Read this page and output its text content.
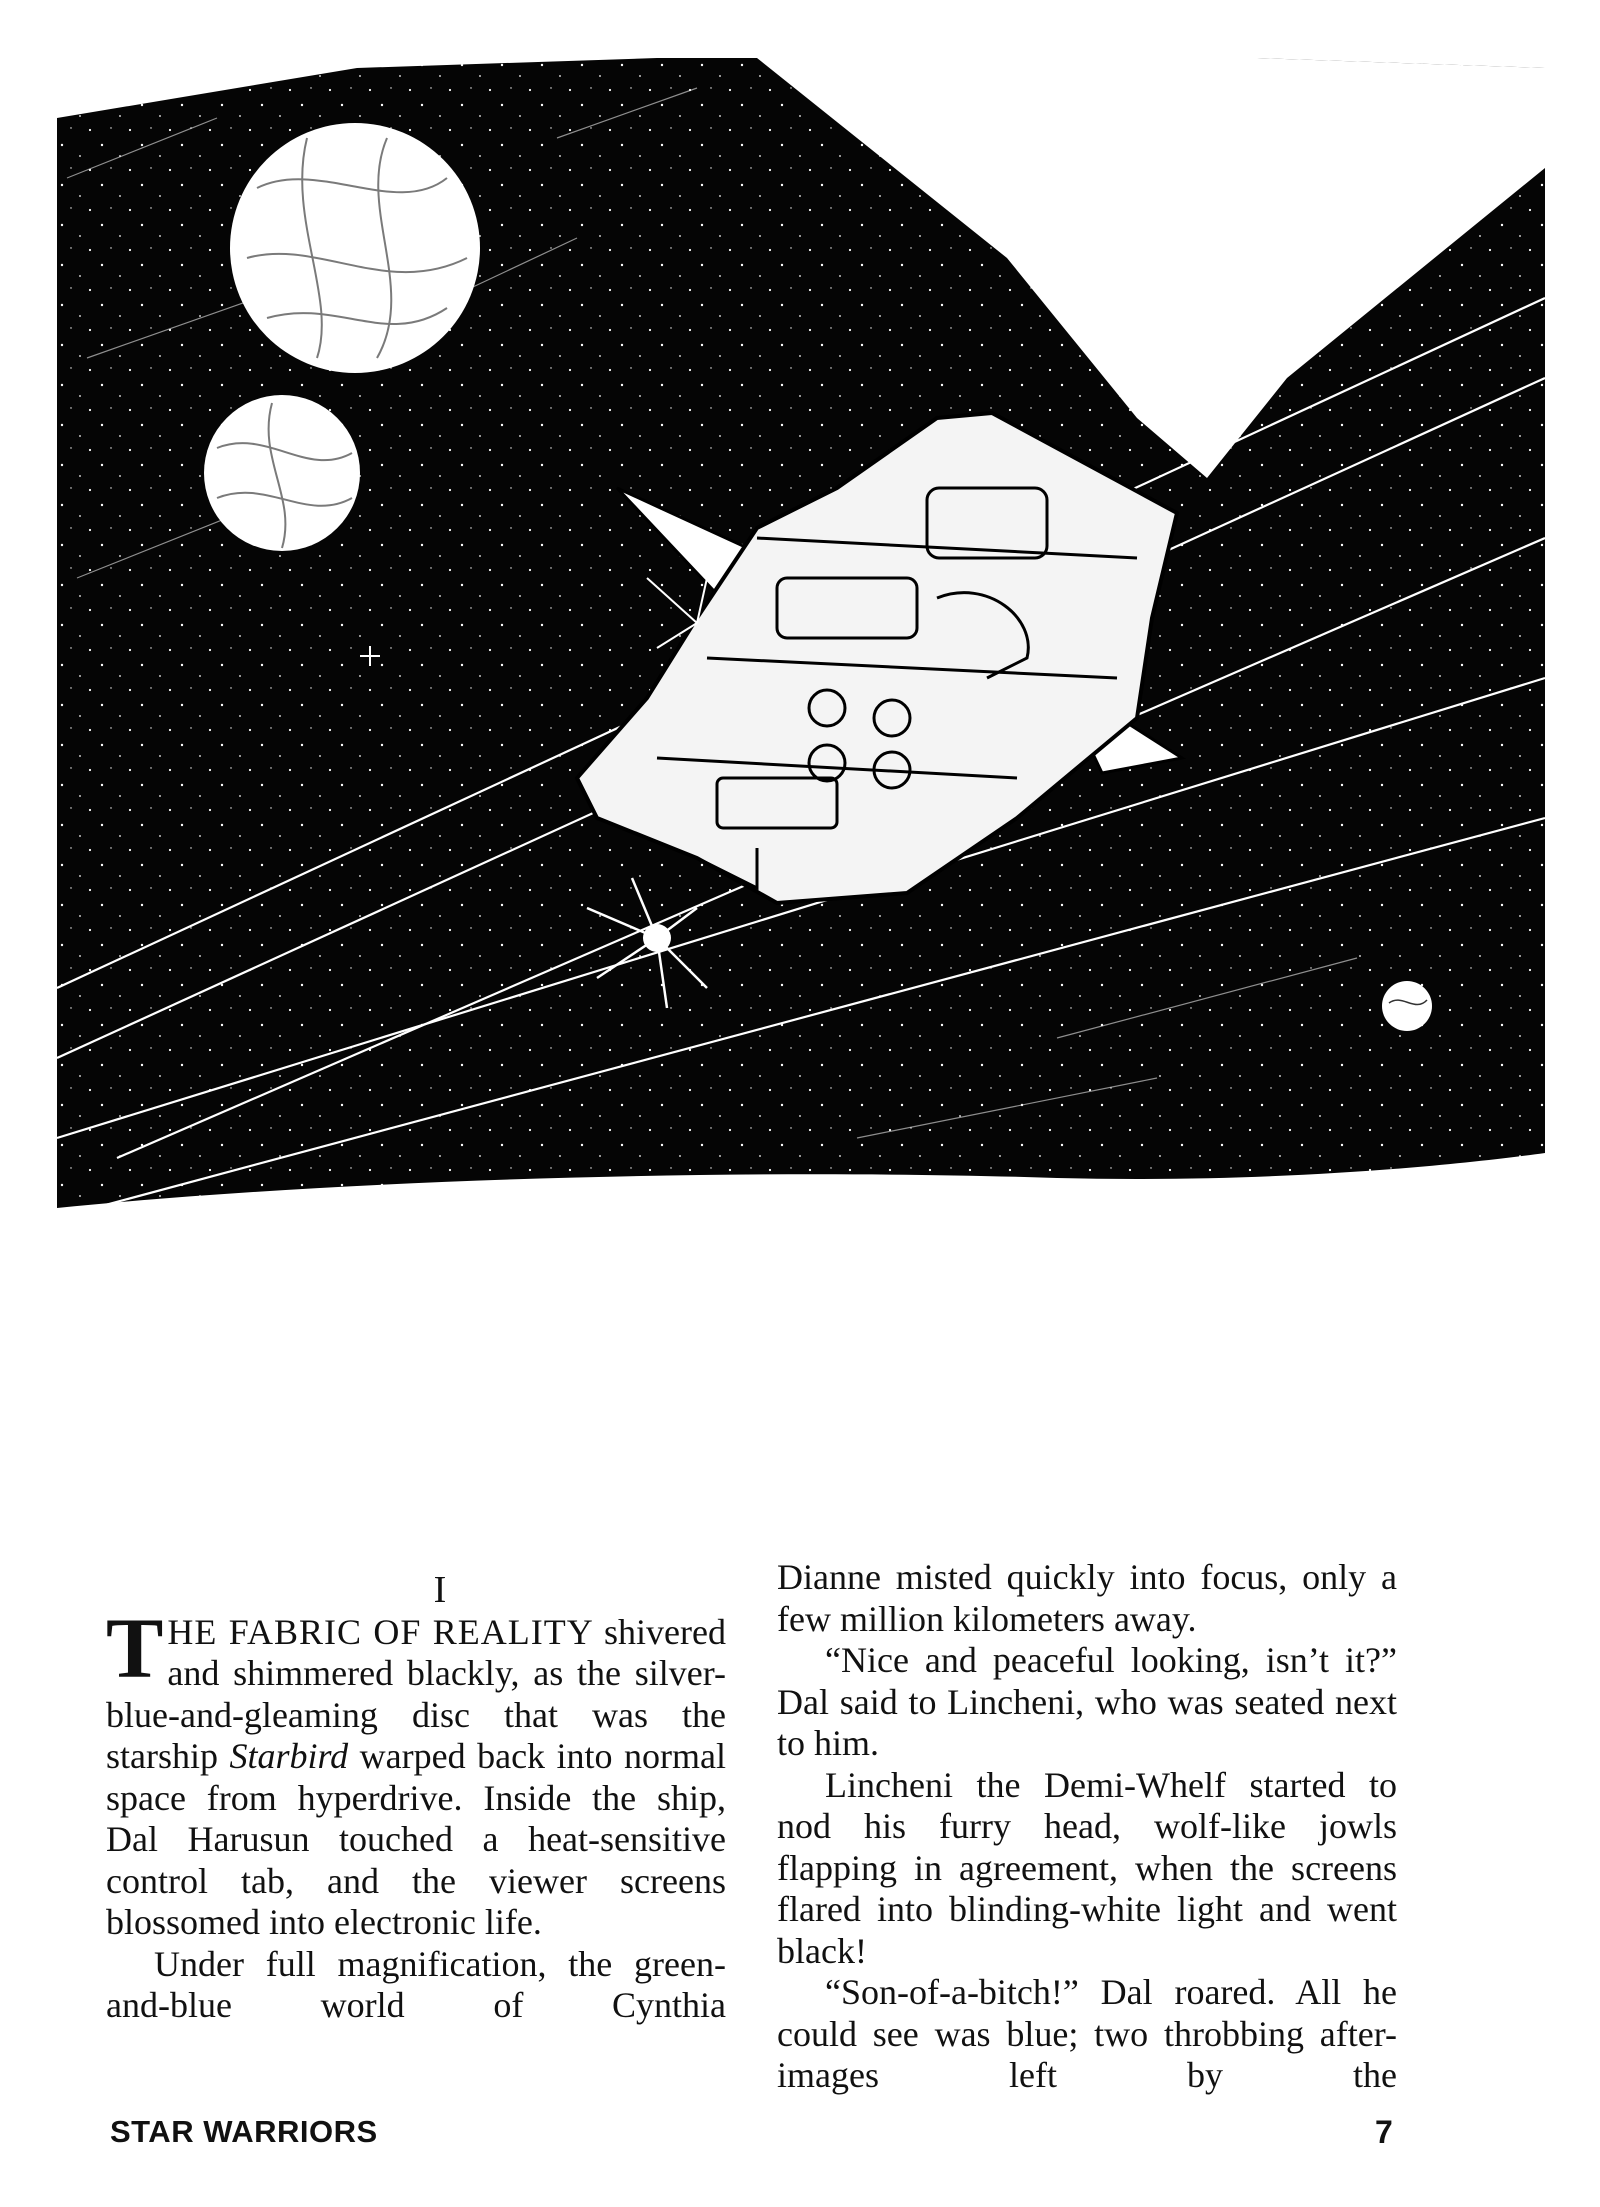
I

THE FABRIC OF REALITY shivered and shimmered blackly, as the silver-blue-and-gleaming disc that was the starship Starbird warped back into normal space from hyperdrive. Inside the ship, Dal Harusun touched a heat-sensitive control tab, and the viewer screens blossomed into electronic life.

Under full magnification, the green-and-blue world of Cynthia

Dianne misted quickly into focus, only a few million kilometers away.

“Nice and peaceful looking, isn’t it?” Dal said to Lincheni, who was seated next to him.

Lincheni the Demi-Whelf started to nod his furry head, wolf-like jowls flapping in agreement, when the screens flared into blinding-white light and went black!

“Son-of-a-bitch!” Dal roared. All he could see was blue; two throbbing after-images left by the

STAR WARRIORS	7
